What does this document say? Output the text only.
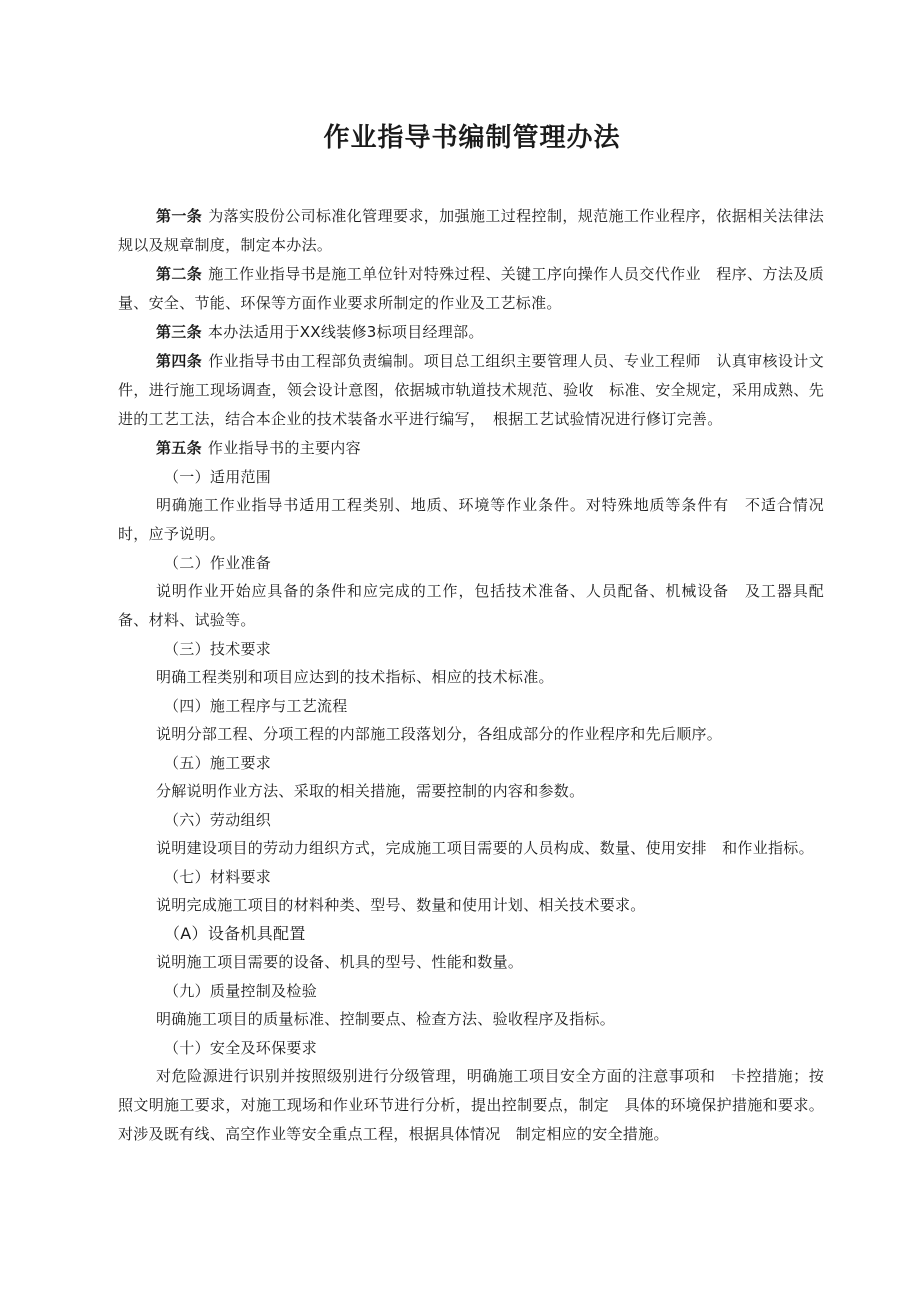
作业指导书编制管理办法

第一条 为落实股份公司标准化管理要求，加强施工过程控制，规范施工作业程序，依据相关法律法规以及规章制度，制定本办法。

第二条 施工作业指导书是施工单位针对特殊过程、关键工序向操作人员交代作业　程序、方法及质量、安全、节能、环保等方面作业要求所制定的作业及工艺标准。

第三条 本办法适用于XX线装修3标项目经理部。

第四条 作业指导书由工程部负责编制。项目总工组织主要管理人员、专业工程师　认真审核设计文件，进行施工现场调查，领会设计意图，依据城市轨道技术规范、验收　标准、安全规定，采用成熟、先进的工艺工法，结合本企业的技术装备水平进行编写，　根据工艺试验情况进行修订完善。

第五条 作业指导书的主要内容

（一）适用范围

明确施工作业指导书适用工程类别、地质、环境等作业条件。对特殊地质等条件有　不适合情况时，应予说明。

（二）作业准备

说明作业开始应具备的条件和应完成的工作，包括技术准备、人员配备、机械设备　及工器具配备、材料、试验等。

（三）技术要求

明确工程类别和项目应达到的技术指标、相应的技术标准。

（四）施工程序与工艺流程

说明分部工程、分项工程的内部施工段落划分，各组成部分的作业程序和先后顺序。

（五）施工要求

分解说明作业方法、采取的相关措施，需要控制的内容和参数。

（六）劳动组织

说明建设项目的劳动力组织方式，完成施工项目需要的人员构成、数量、使用安排　和作业指标。

（七）材料要求

说明完成施工项目的材料种类、型号、数量和使用计划、相关技术要求。

（A）设备机具配置

说明施工项目需要的设备、机具的型号、性能和数量。

（九）质量控制及检验

明确施工项目的质量标准、控制要点、检查方法、验收程序及指标。

（十）安全及环保要求

对危险源进行识别并按照级别进行分级管理，明确施工项目安全方面的注意事项和　卡控措施；按照文明施工要求，对施工现场和作业环节进行分析，提出控制要点，制定　具体的环境保护措施和要求。对涉及既有线、高空作业等安全重点工程，根据具体情况　制定相应的安全措施。
